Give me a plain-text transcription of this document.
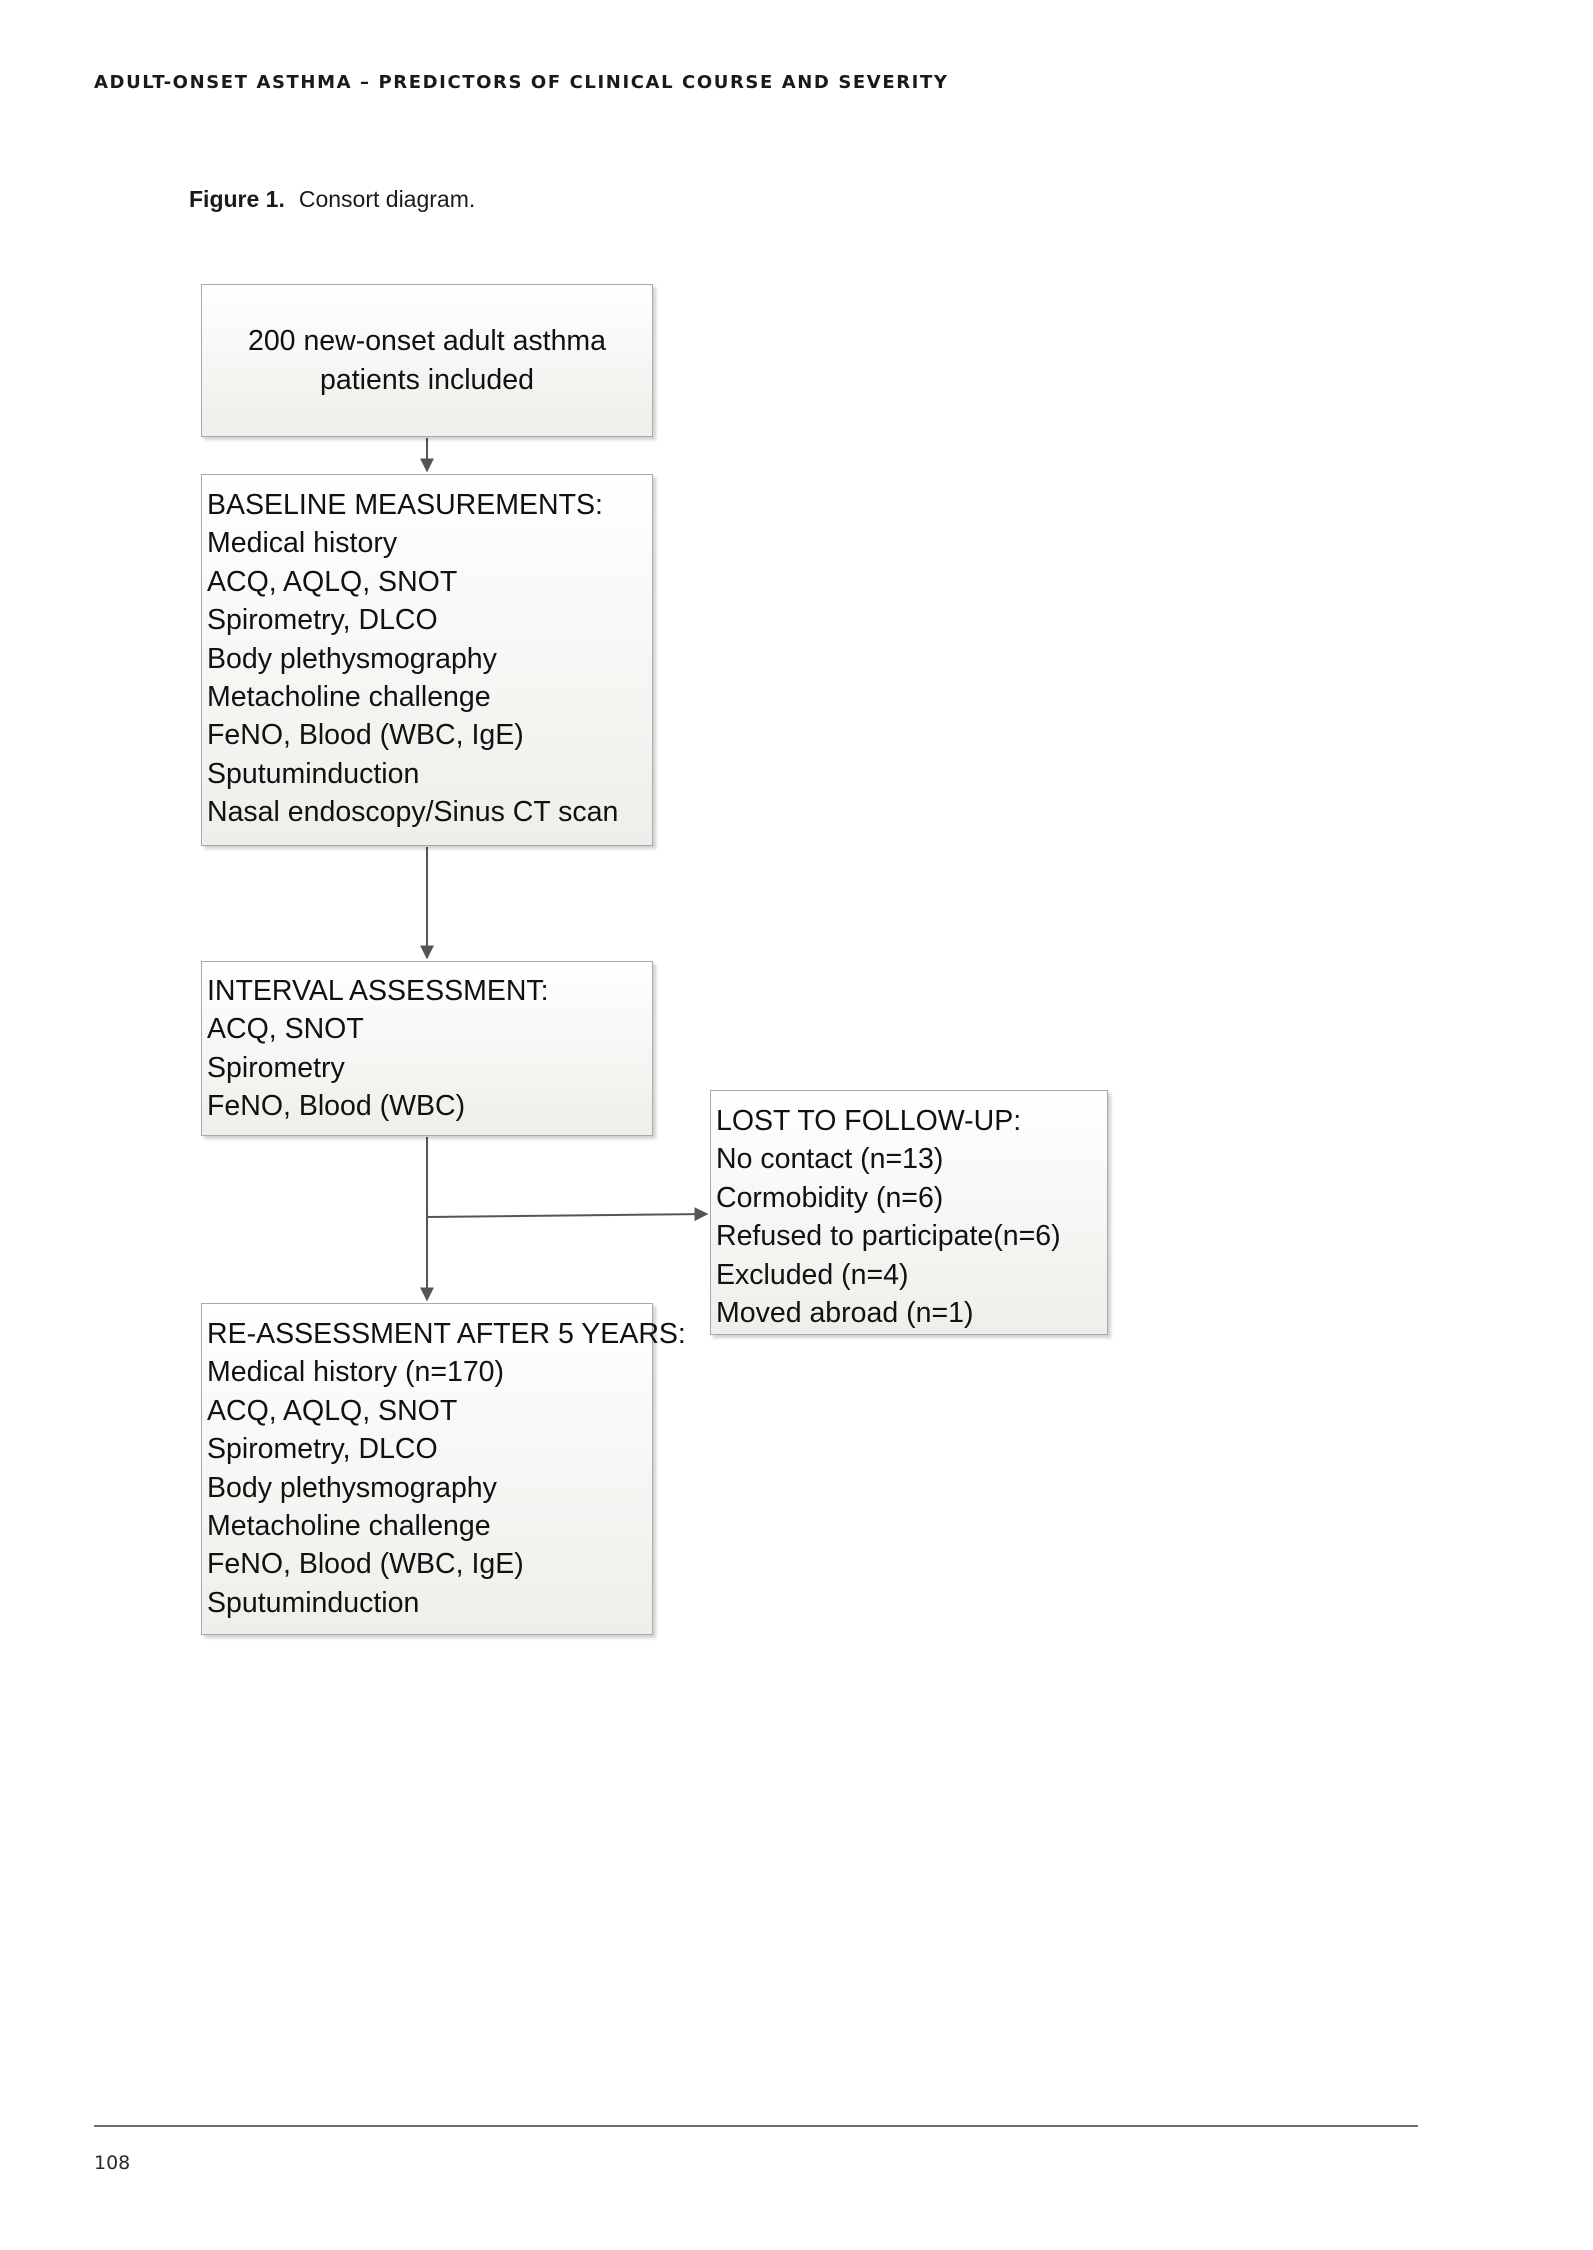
ADULT-ONSET ASTHMA – PREDICTORS OF CLINICAL COURSE AND SEVERITY
Figure 1. Consort diagram.
200 new-onset adult asthma
patients included
BASELINE MEASUREMENTS:
Medical history
ACQ, AQLQ, SNOT
Spirometry, DLCO
Body plethysmography
Metacholine challenge
FeNO, Blood (WBC, IgE)
Sputuminduction
Nasal endoscopy/Sinus CT scan
INTERVAL ASSESSMENT:
ACQ, SNOT
Spirometry
FeNO, Blood (WBC)	LOST TO FOLLOW-UP:
No contact (n=13)
Cormobidity (n=6)
Refused to participate(n=6)
Excluded (n=4)
Moved abroad (n=1)
RE-ASSESSMENT AFTER 5 YEARS:
Medical history (n=170)
ACQ, AQLQ, SNOT
Spirometry, DLCO
Body plethysmography
Metacholine challenge
FeNO, Blood (WBC, IgE)
Sputuminduction
108
